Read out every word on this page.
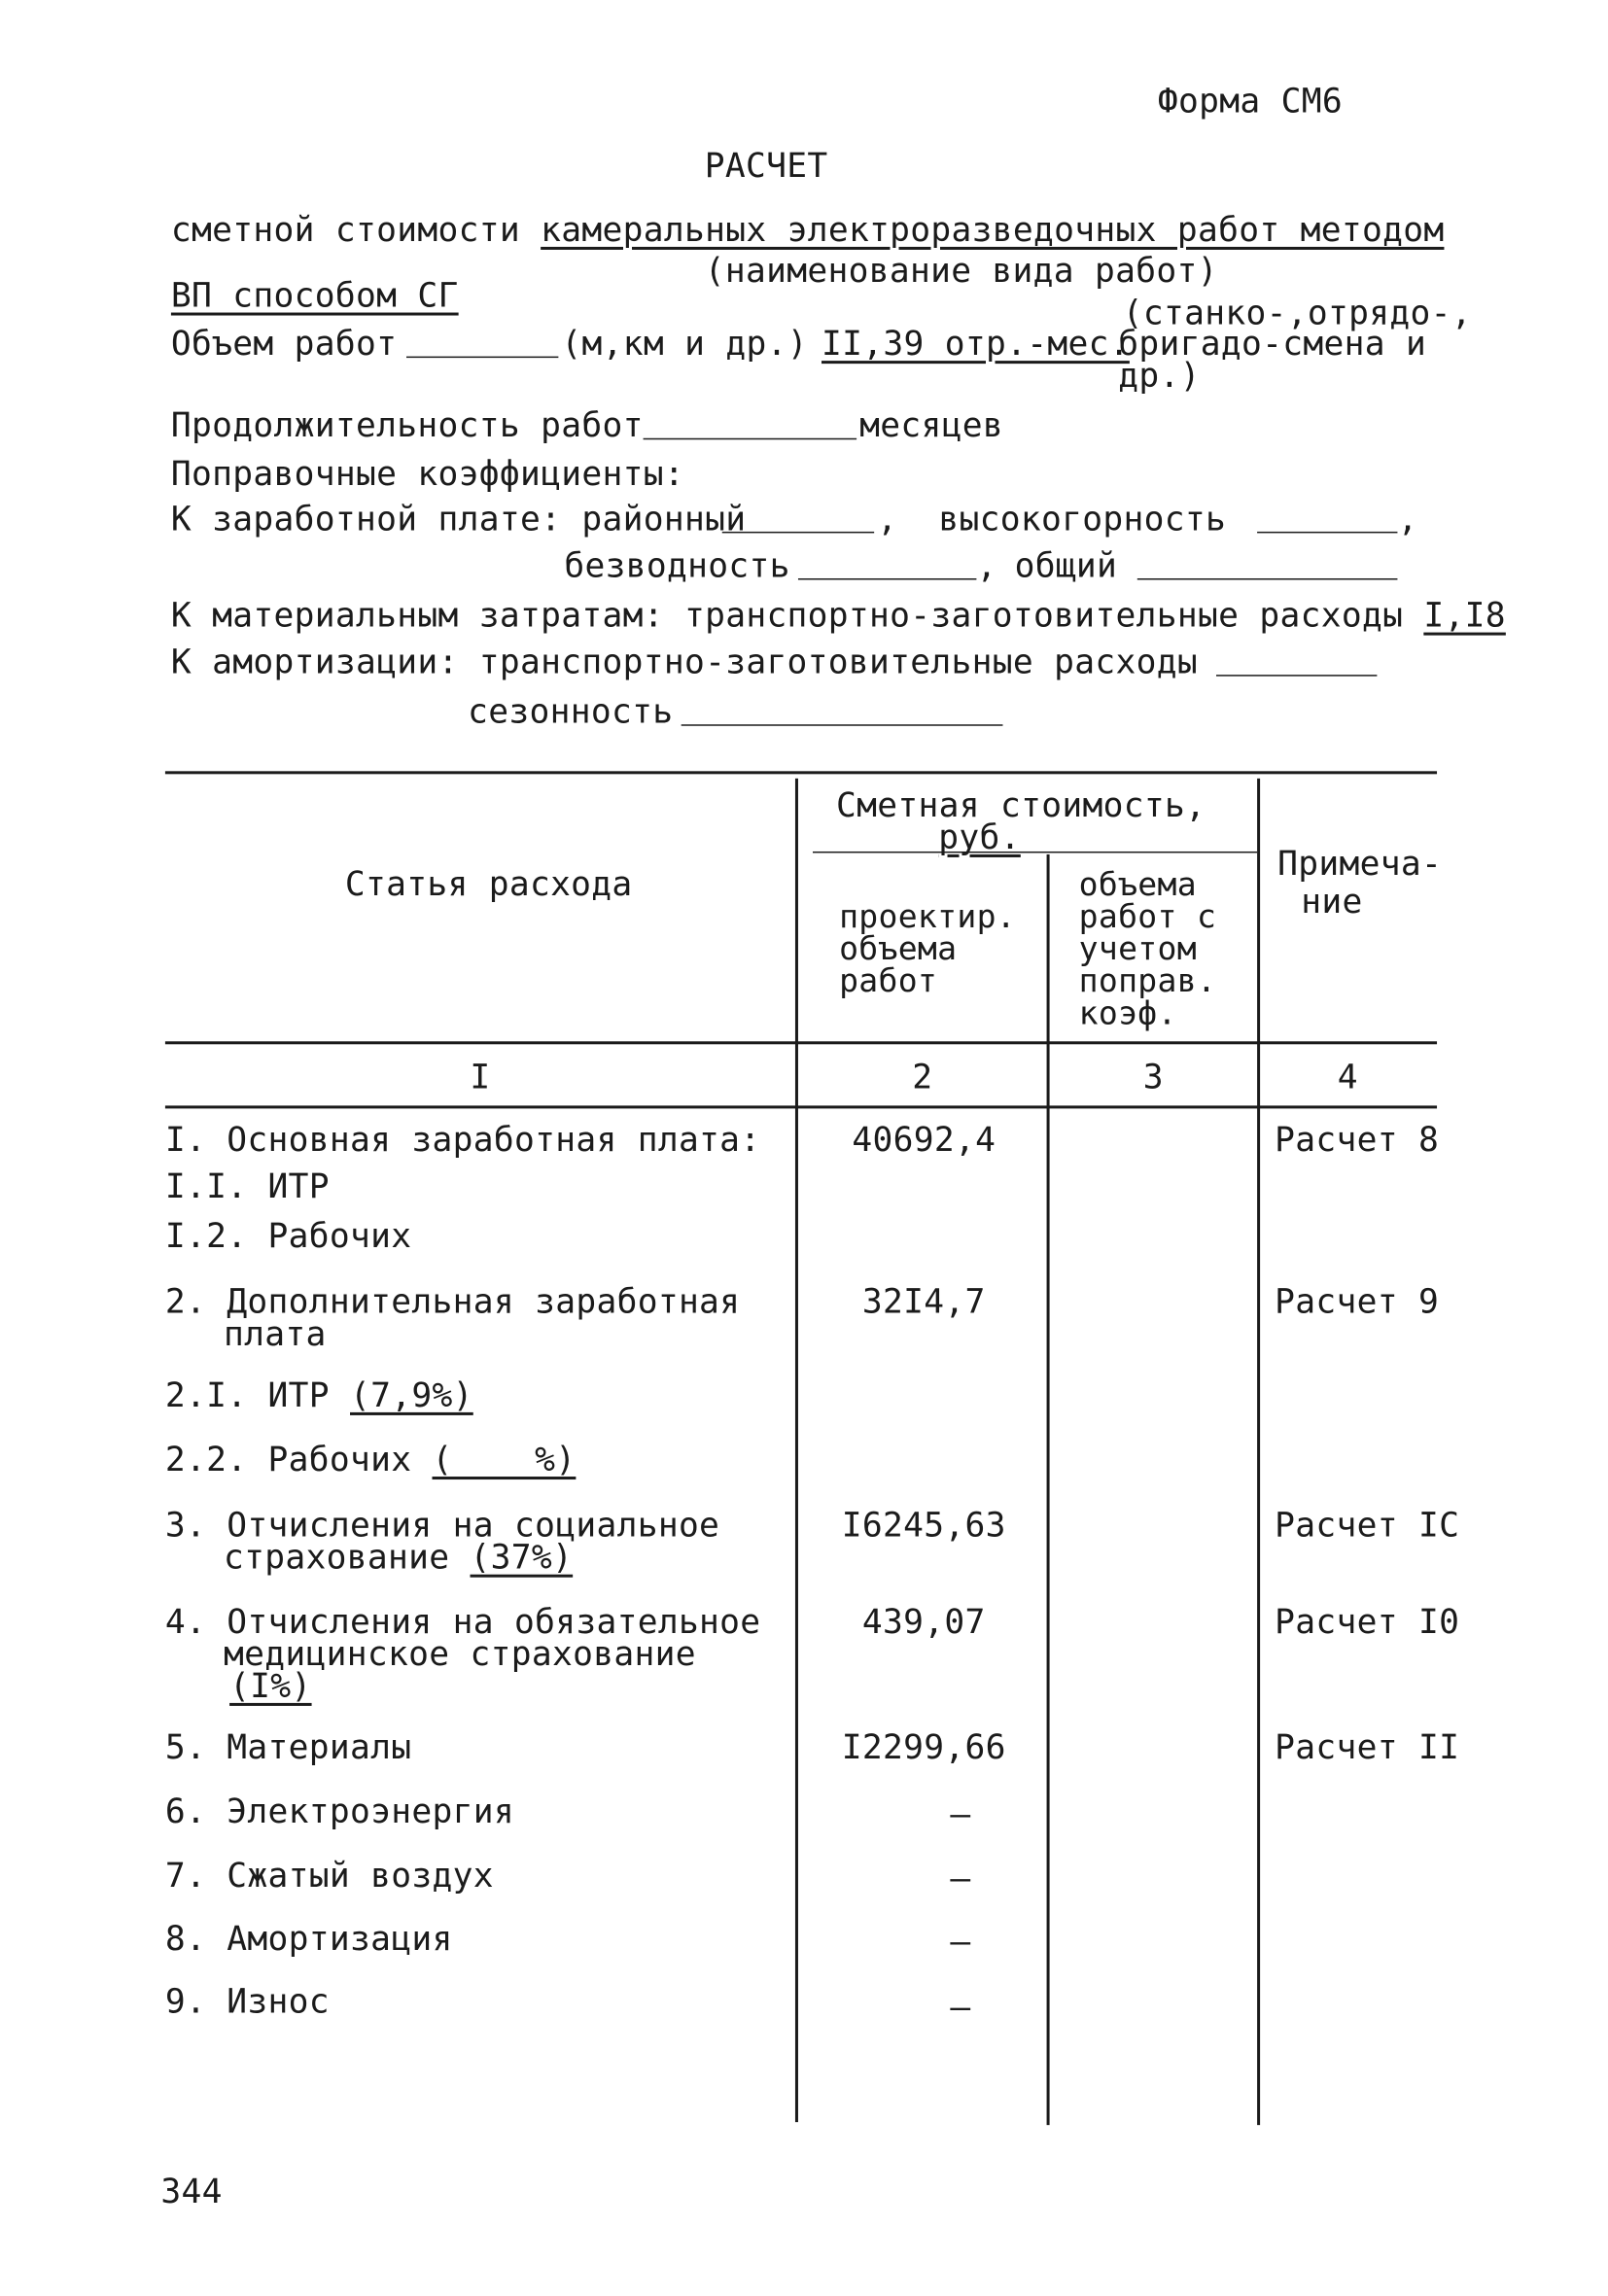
Форма СМ6
РАСЧЕТ
сметной стоимости камеральных электроразведочных работ методом
(наименование вида работ)
ВП способом СГ	(станко-,отрядо-,
Объем работ	(м,км и др.)
II,39 отр.-мес.
бригадо-смена и
др.)
Продолжительность работ	месяцев
Поправочные коэффициенты:
К заработной плате: районный	, высокогорность	,
безводность	,
общий
К материальным затратам: транспортно-заготовительные расходы I,I8
К амортизации: транспортно-заготовительные расходы
сезонность
Статья расхода
Сметная стоимость,
руб.
проектир.
объема
работ
объема
работ с
учетом
поправ.
коэф.
Примеча-
ние
I	2	3	4
I. Основная заработная плата:	40692,4	Расчет 8
I.I. ИТР
I.2. Рабочих
2. Дополнительная заработная
плата
32I4,7	Расчет 9
2.I. ИТР (7,9%)
2.2. Рабочих (    %)
3. Отчисления на социальное
страхование (37%)
I6245,63	Расчет IС
4. Отчисления на обязательное
медицинское страхование
(I%)
439,07	Расчет I0
5. Материалы	I2299,66	Расчет II
6. Электроэнергия	–
7. Сжатый воздух	–
8. Амортизация	–
9. Износ	–
344
